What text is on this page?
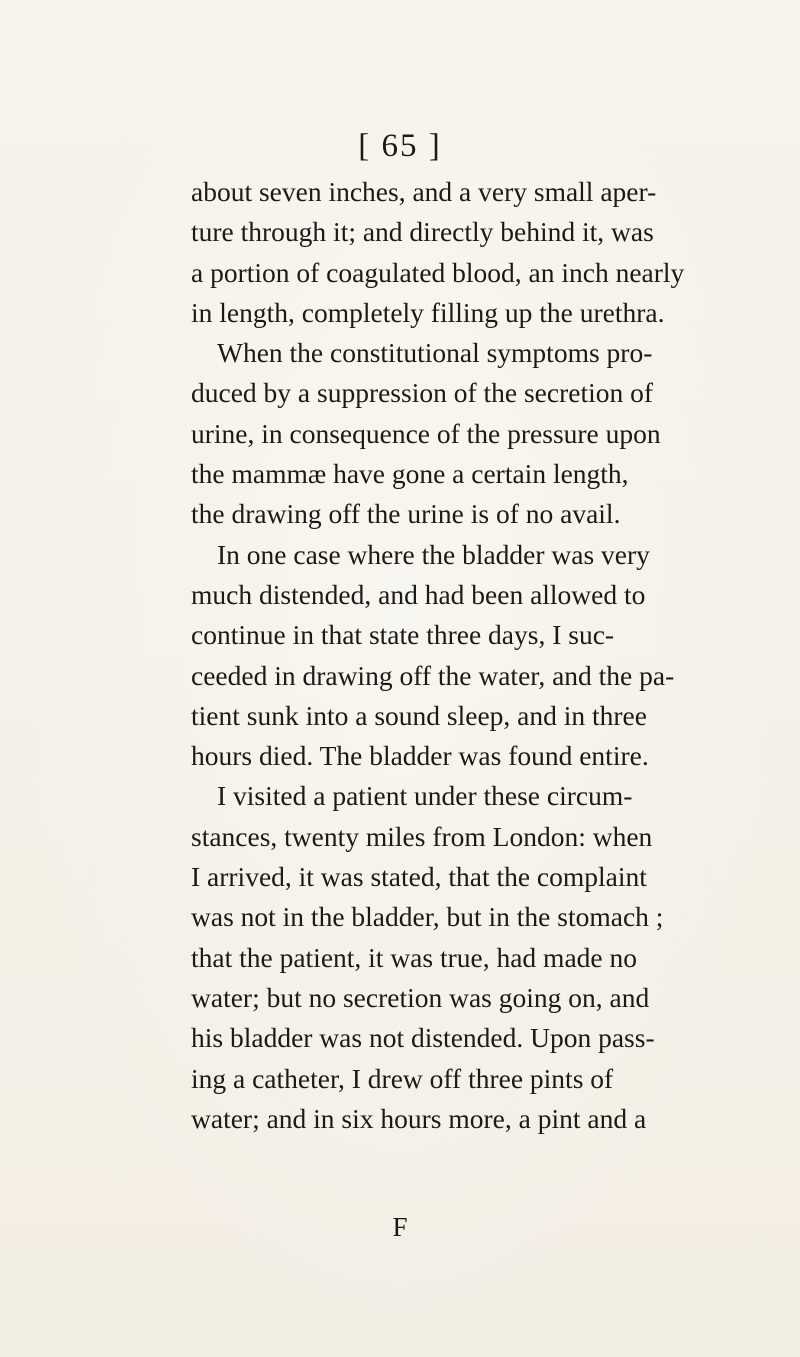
[ 65 ]
about seven inches, and a very small aper-
ture through it; and directly behind it, was
a portion of coagulated blood, an inch nearly
in length, completely filling up the urethra.
When the constitutional symptoms pro-
duced by a suppression of the secretion of
urine, in consequence of the pressure upon
the mammæ have gone a certain length,
the drawing off the urine is of no avail.
In one case where the bladder was very
much distended, and had been allowed to
continue in that state three days, I suc-
ceeded in drawing off the water, and the pa-
tient sunk into a sound sleep, and in three
hours died. The bladder was found entire.
I visited a patient under these circum-
stances, twenty miles from London: when
I arrived, it was stated, that the complaint
was not in the bladder, but in the stomach ;
that the patient, it was true, had made no
water; but no secretion was going on, and
his bladder was not distended. Upon pass-
ing a catheter, I drew off three pints of
water; and in six hours more, a pint and a
F
